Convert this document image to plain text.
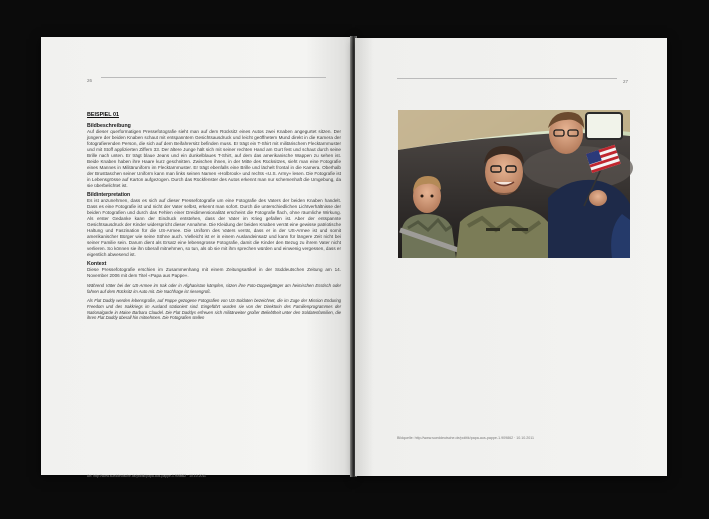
26
BEISPIEL 01
Bildbeschreibung
Auf dieser querformatigen Pressefotografie sieht man auf dem Rücksitz eines Autos zwei Knaben angegurtet sitzen. Der jüngere der beiden Knaben schaut mit entspanntem Gesichtsausdruck und leicht geöffnetem Mund direkt in die Kamera der fotografierenden Person, die sich auf dem Beifahrersitz befinden muss. Er trägt ein T-Shirt mit militärischem Flecktarnmuster und mit Stoff applizierten Ziffern 33. Der ältere Junge hält sich mit seiner rechten Hand am Gurt fest und schaut durch seine Brille nach unten. Er trägt blaue Jeans und ein dunkelblaues T-Shirt, auf dem das amerikanische Wappen zu sehen ist. Beide Knaben haben ihre Haare kurz geschnitten. Zwischen ihnen, in der Mitte des Rücksitzes, sieht man eine Fotografie eines Mannes in Militäruniform im Flecktarnmuster. Er trägt ebenfalls eine Brille und lächelt frontal in die Kamera. Oberhalb der Brusttaschen seiner Uniform kann man links seinen Namen «Holbrook» und rechts «U.S. Army» lesen. Die Fotografie ist in Lebensgrösse auf Karton aufgezogen. Durch das Rückfenster des Autos erkennt man nur schemenhaft die Umgebung, da sie überbelichtet ist.
Bildinterpretation
Es ist anzunehmen, dass es sich auf dieser Pressefotografie um eine Fotografie des Vaters der beiden Knaben handelt. Dass es eine Fotografie ist und nicht der Vater selbst, erkennt man sofort. Durch die unterschiedlichen Lichtverhältnisse der beiden Fotografien und durch das Fehlen einer Dreidimensionalität erscheint die Fotografie flach, ohne räumliche Wirkung. Als erster Gedanke kann der Eindruck entstehen, dass der Vater im Krieg gefallen ist. Aber der entspannte Gesichtsausdruck der Kinder widerspricht dieser Annahme. Die Kleidung der beiden Knaben verrät eine gewisse patriotische Haltung und Faszination für die US-Armee. Die Uniform des Vaters verrät, dass er in der US-Armee ist und somit amerikanischer Bürger wie seine Söhne auch. Vielleicht ist er in einem Auslandeinsatz und kann für längere Zeit nicht bei seiner Familie sein. Darum dient als Ersatz eine lebensgrosse Fotografie, damit die Kinder den Bezug zu ihrem Vater nicht verlieren. So können sie ihn überall mitnehmen, so tun, als ob sie mit ihm sprechen würden und einwenig vergessen, dass er eigentlich abwesend ist.
Kontext
Diese Pressefotografie erschien im Zusammenhang mit einem Zeitungsartikel in der Süddeutschen Zeitung am 14. November 2006 mit dem Titel «Papa aus Pappe».
Während Väter bei der US-Armee im Irak oder in Afghanistan kämpfen, sitzen ihre Foto-Doppelgänger am heimischen Esstisch oder fahren auf dem Rücksitz im Auto mit. Die Nachfrage ist riesengroß.
Als Flat Daddy werden lebensgroße, auf Pappe gezogene Fotografien von US-Soldaten bezeichnet, die im Zuge der Mission Enduring Freedom und des Irakkriegs im Ausland stationiert sind. Eingeführt wurden sie von der Direktorin des Familienprogrammes der Nationalgarde in Maine Barbara Claudel. Die Flat Daddys erfreuen sich militärweiter großer Beliebtheit unter den Soldatenfamilien, die ihren Flat Daddy überall hin mitnehmen. Die Fotografien stellen
Art: http://www.sueddeutsche.de/politik/papa-aus-pappe-1.909862 · 10.10.2011
27
Bildquelle: http://www.sueddeutsche.de/politik/papa-aus-pappe-1.909862 · 10.10.2011
